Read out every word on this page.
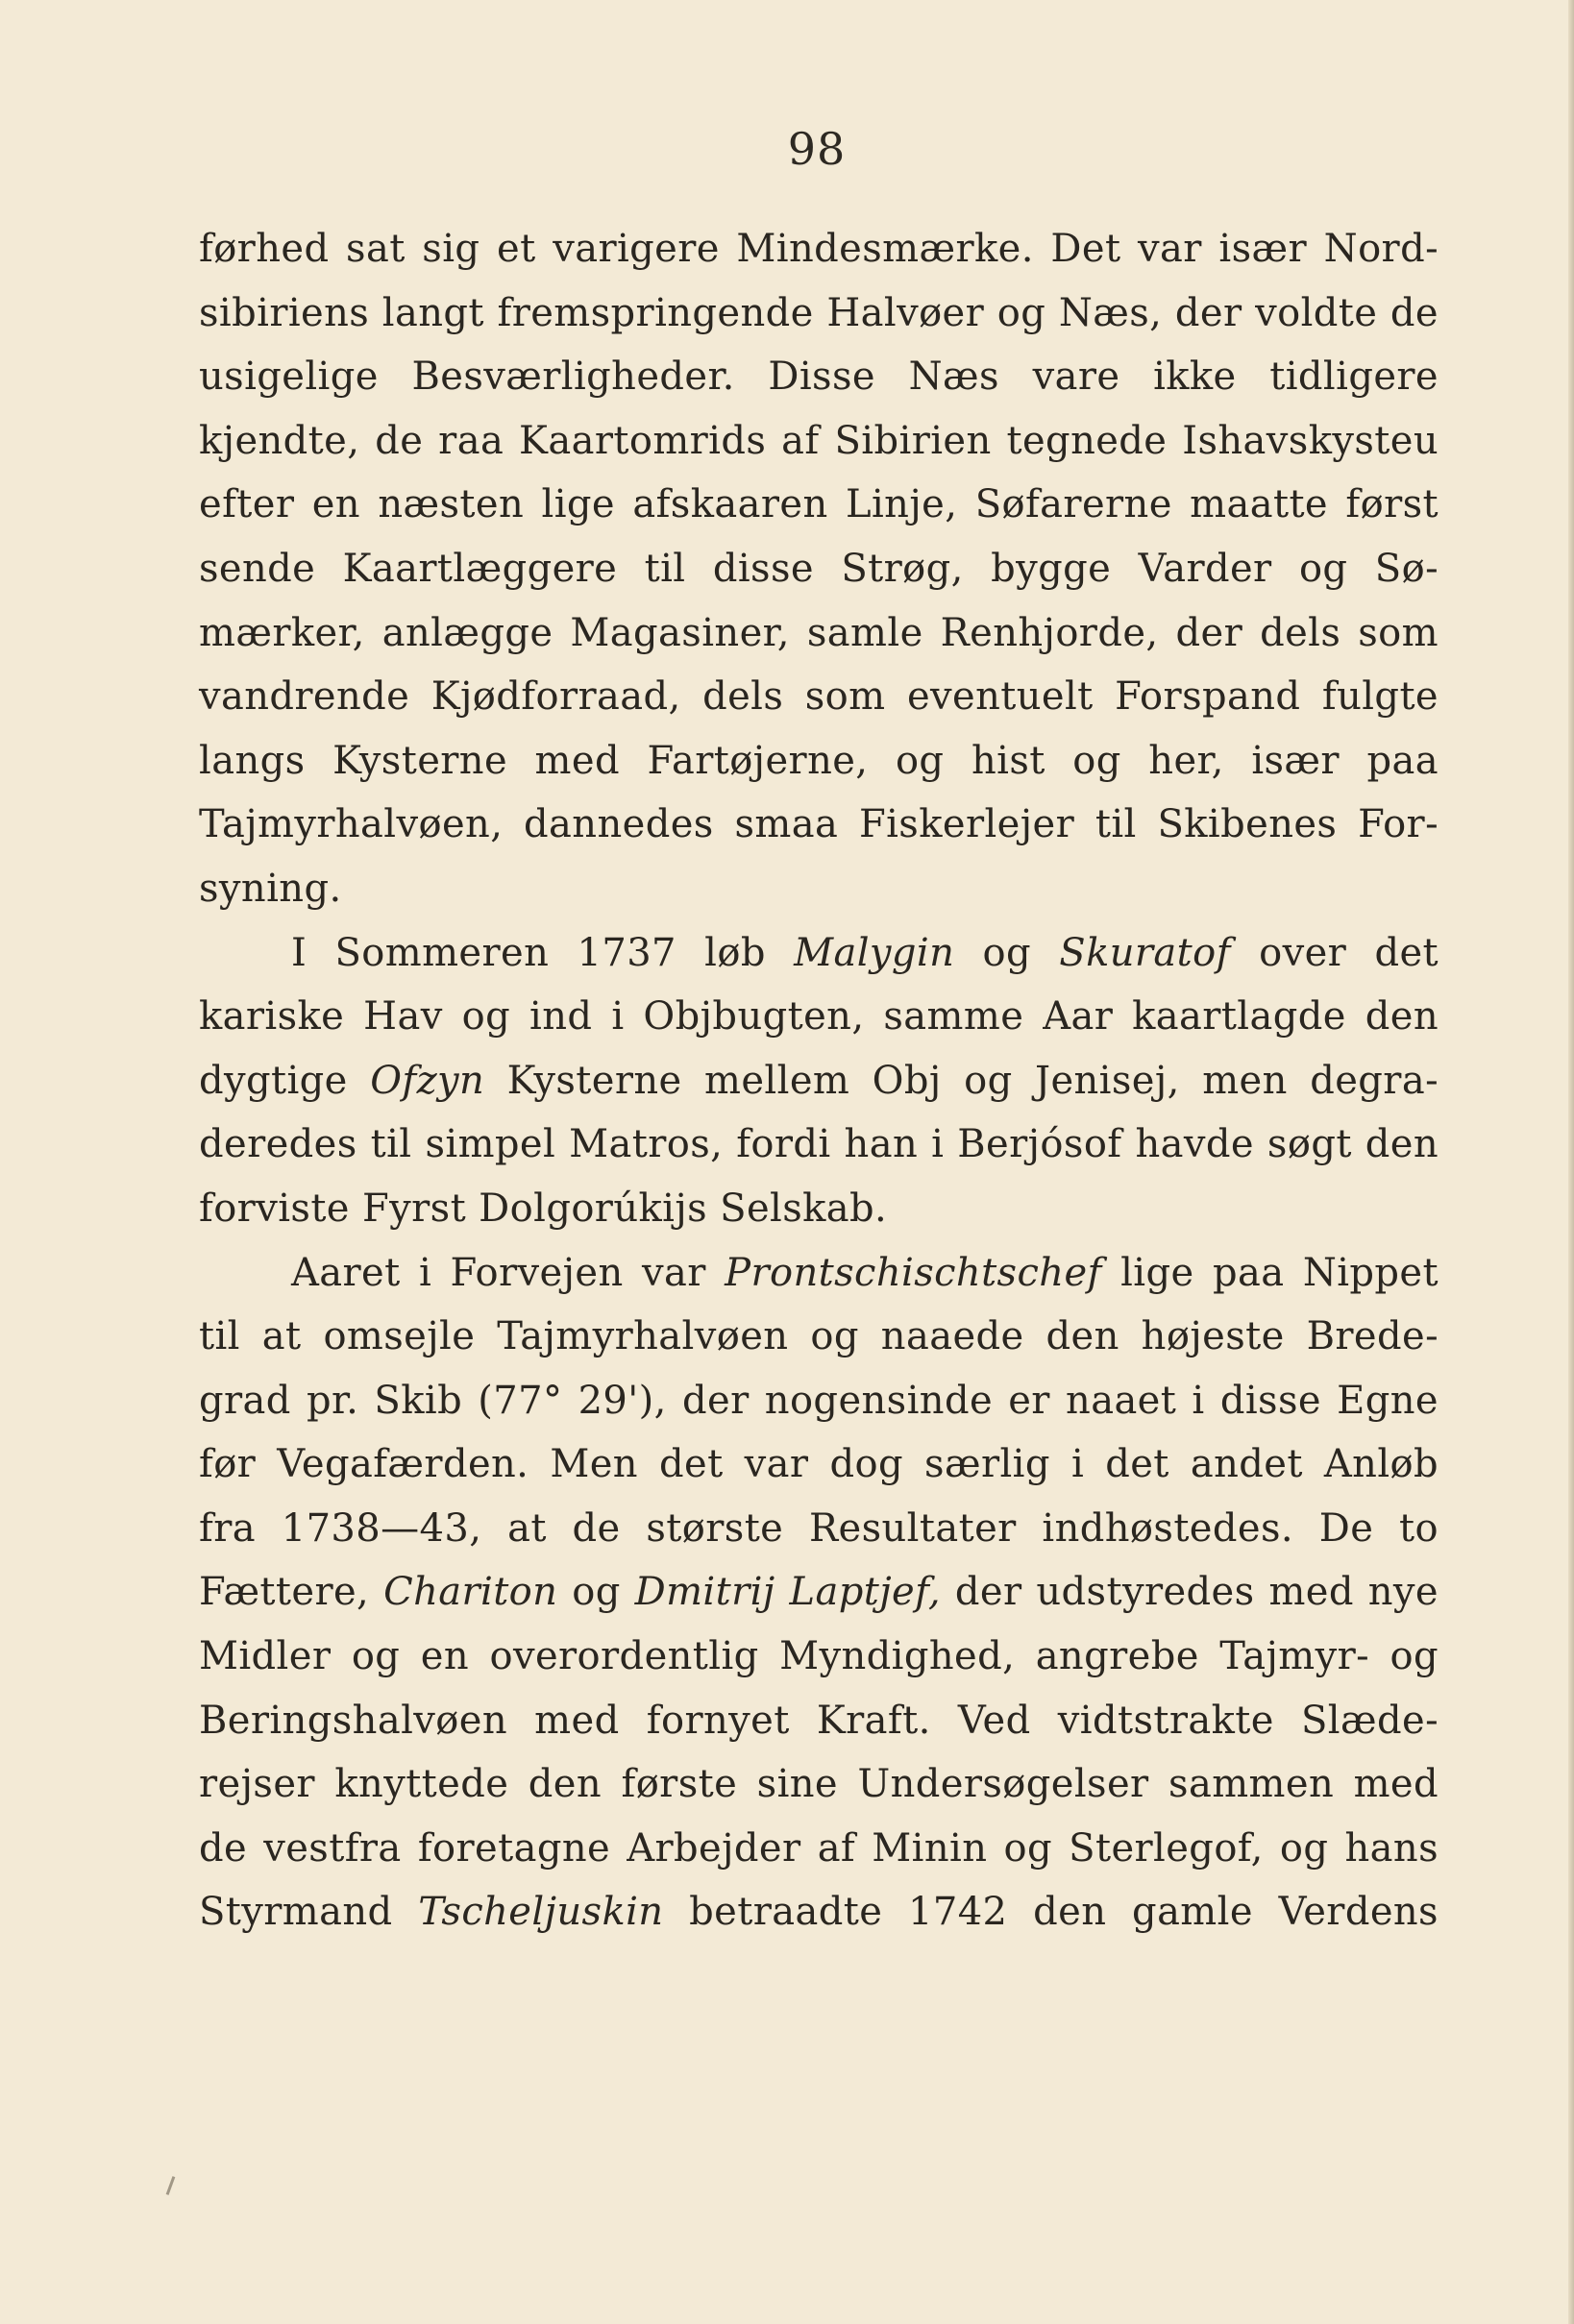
98
førhed sat sig et varigere Mindesmærke. Det var især Nord-
sibiriens langt fremspringende Halvøer og Næs, der voldte de
usigelige Besværligheder. Disse Næs vare ikke tidligere
kjendte, de raa Kaartomrids af Sibirien tegnede Ishavskysteu
efter en næsten lige afskaaren Linje, Søfarerne maatte først
sende Kaartlæggere til disse Strøg, bygge Varder og Sø-
mærker, anlægge Magasiner, samle Renhjorde, der dels som
vandrende Kjødforraad, dels som eventuelt Forspand fulgte
langs Kysterne med Fartøjerne, og hist og her, især paa
Tajmyrhalvøen, dannedes smaa Fiskerlejer til Skibenes For-
syning.
I Sommeren 1737 løb Malygin og Skuratof over det
kariske Hav og ind i Objbugten, samme Aar kaartlagde den
dygtige Ofzyn Kysterne mellem Obj og Jenisej, men degra-
deredes til simpel Matros, fordi han i Berjósof havde søgt den
forviste Fyrst Dolgorúkijs Selskab.
Aaret i Forvejen var Prontschischtschef lige paa Nippet
til at omsejle Tajmyrhalvøen og naaede den højeste Brede-
grad pr. Skib (77° 29'), der nogensinde er naaet i disse Egne
før Vegafærden. Men det var dog særlig i det andet Anløb
fra 1738—43, at de største Resultater indhøstedes. De to
Fættere, Chariton og Dmitrij Laptjef, der udstyredes med nye
Midler og en overordentlig Myndighed, angrebe Tajmyr- og
Beringshalvøen med fornyet Kraft. Ved vidtstrakte Slæde-
rejser knyttede den første sine Undersøgelser sammen med
de vestfra foretagne Arbejder af Minin og Sterlegof, og hans
Styrmand Tscheljuskin betraadte 1742 den gamle Verdens
